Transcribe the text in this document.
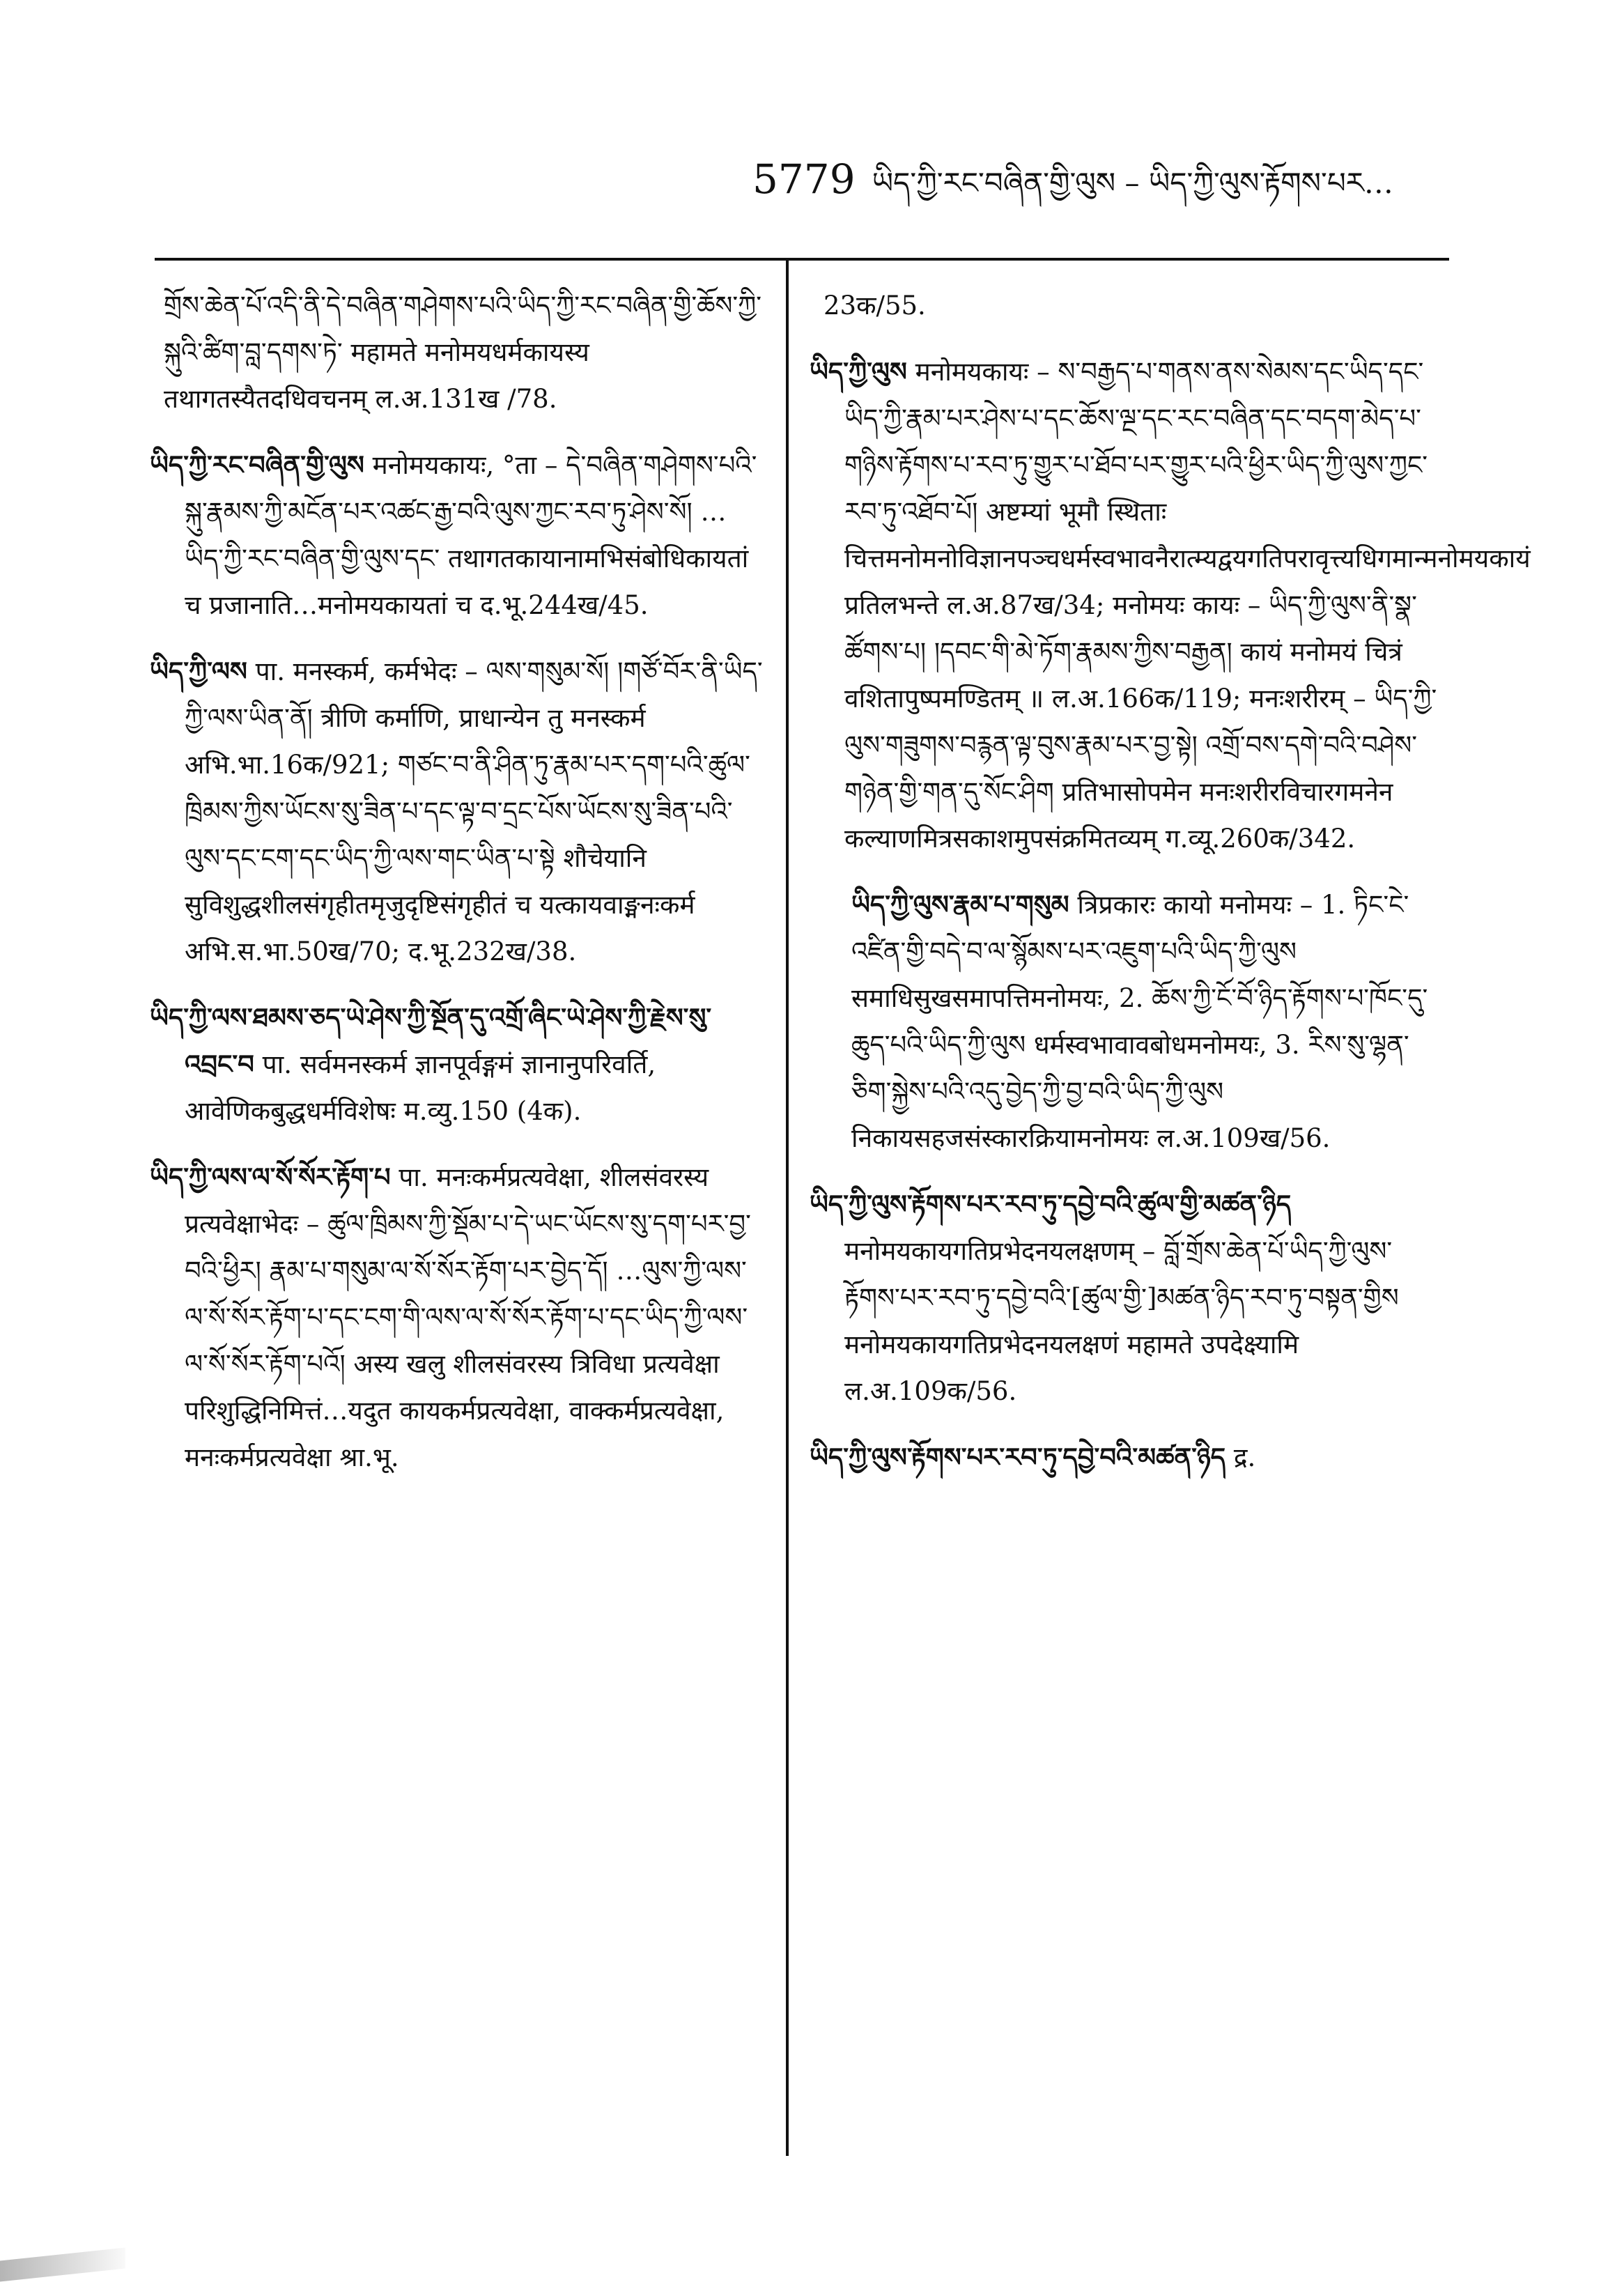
5779 ཡིད་ཀྱི་རང་བཞིན་གྱི་ལུས – ཡིད་ཀྱི་ལུས་རྟོགས་པར…

གྲོས་ཆེན་པོ་འདི་ནི་དེ་བཞིན་གཤེགས་པའི་ཡིད་ཀྱི་རང་བཞིན་གྱི་ཆོས་ཀྱི་སྐུའི་ཚིག་བླ་དགས་ཏེ་ महामते मनोमयधर्मकायस्य तथागतस्यैतदधिवचनम् ल.अ.131ख /78.

ཡིད་ཀྱི་རང་བཞིན་གྱི་ལུས मनोमयकायः, °ता – དེ་བཞིན་གཤེགས་པའི་སྐུ་རྣམས་ཀྱི་མངོན་པར་འཚང་རྒྱ་བའི་ལུས་ཀྱང་རབ་ཏུ་ཤེས་སོ། …ཡིད་ཀྱི་རང་བཞིན་གྱི་ལུས་དང་ तथागतकायानामभिसंबोधिकायतां च प्रजानाति…मनोमयकायतां च द.भू.244ख/45.

ཡིད་ཀྱི་ལས पा. मनस्कर्म, कर्मभेदः – ལས་གསུམ་སོ། །གཙོ་བོར་ནི་ཡིད་ཀྱི་ལས་ཡིན་ནོ། त्रीणि कर्माणि, प्राधान्येन तु मनस्कर्म अभि.भा.16क/921; གཙང་བ་ནི་ཤིན་ཏུ་རྣམ་པར་དག་པའི་ཚུལ་ཁྲིམས་ཀྱིས་ཡོངས་སུ་ཟིན་པ་དང་ལྟ་བ་དྲང་པོས་ཡོངས་སུ་ཟིན་པའི་ལུས་དང་ངག་དང་ཡིད་ཀྱི་ལས་གང་ཡིན་པ་སྟེ शौचेयानि सुविशुद्धशीलसंगृहीतमृजुदृष्टिसंगृहीतं च यत्कायवाङ्मनःकर्म अभि.स.भा.50ख/70; द.भू.232ख/38.

ཡིད་ཀྱི་ལས་ཐམས་ཅད་ཡེ་ཤེས་ཀྱི་སྔོན་དུ་འགྲོ་ཞིང་ཡེ་ཤེས་ཀྱི་རྗེས་སུ་འབྲང་བ पा. सर्वमनस्कर्म ज्ञानपूर्वङ्गमं ज्ञानानुपरिवर्ति, आवेणिकबुद्धधर्मविशेषः म.व्यु.150 (4क).

ཡིད་ཀྱི་ལས་ལ་སོ་སོར་རྟོག་པ पा. मनःकर्मप्रत्यवेक्षा, शीलसंवरस्य प्रत्यवेक्षाभेदः – ཚུལ་ཁྲིམས་ཀྱི་སྡོམ་པ་དེ་ཡང་ཡོངས་སུ་དག་པར་བྱ་བའི་ཕྱིར། རྣམ་པ་གསུམ་ལ་སོ་སོར་རྟོག་པར་བྱེད་དོ། …ལུས་ཀྱི་ལས་ལ་སོ་སོར་རྟོག་པ་དང་ངག་གི་ལས་ལ་སོ་སོར་རྟོག་པ་དང་ཡིད་ཀྱི་ལས་ལ་སོ་སོར་རྟོག་པའོ། अस्य खलु शीलसंवरस्य त्रिविधा प्रत्यवेक्षा परिशुद्धिनिमित्तं…यदुत कायकर्मप्रत्यवेक्षा, वाक्कर्मप्रत्यवेक्षा, मनःकर्मप्रत्यवेक्षा श्रा.भू.

23क/55.

ཡིད་ཀྱི་ལུས मनोमयकायः – ས་བརྒྱད་པ་གནས་ནས་སེམས་དང་ཡིད་དང་ཡིད་ཀྱི་རྣམ་པར་ཤེས་པ་དང་ཆོས་ལྔ་དང་རང་བཞིན་དང་བདག་མེད་པ་གཉིས་རྟོགས་པ་རབ་ཏུ་གྱུར་པ་ཐོབ་པར་གྱུར་པའི་ཕྱིར་ཡིད་ཀྱི་ལུས་ཀྱང་རབ་ཏུ་འཐོབ་པོ། अष्टम्यां भूमौ स्थिताः चित्तमनोमनोविज्ञानपञ्चधर्मस्वभावनैरात्म्यद्वयगतिपरावृत्त्यधिगमान्मनोमयकायं प्रतिलभन्ते ल.अ.87ख/34; मनोमयः कायः – ཡིད་ཀྱི་ལུས་ནི་སྣ་ཚོགས་པ། །དབང་གི་མེ་ཏོག་རྣམས་ཀྱིས་བརྒྱན། कायं मनोमयं चित्रं वशितापुष्पमण्डितम् ॥ ल.अ.166क/119; मनःशरीरम् – ཡིད་ཀྱི་ལུས་གཟུགས་བརྙན་ལྟ་བུས་རྣམ་པར་བྱ་སྟེ། འགྲོ་བས་དགེ་བའི་བཤེས་གཉེན་གྱི་གན་དུ་སོང་ཤིག प्रतिभासोपमेन मनःशरीरविचारगमनेन कल्याणमित्रसकाशमुपसंक्रमितव्यम् ग.व्यू.260क/342.

ཡིད་ཀྱི་ལུས་རྣམ་པ་གསུམ त्रिप्रकारः कायो मनोमयः – 1. ཏིང་ངེ་འཛིན་གྱི་བདེ་བ་ལ་སྙོམས་པར་འཇུག་པའི་ཡིད་ཀྱི་ལུས समाधिसुखसमापत्तिमनोमयः, 2. ཆོས་ཀྱི་ངོ་བོ་ཉིད་རྟོགས་པ་ཁོང་དུ་ཆུད་པའི་ཡིད་ཀྱི་ལུས धर्मस्वभावावबोधमनोमयः, 3. རིས་སུ་ལྷན་ཅིག་སྐྱེས་པའི་འདུ་བྱེད་ཀྱི་བྱ་བའི་ཡིད་ཀྱི་ལུས निकायसहजसंस्कारक्रियामनोमयः ल.अ.109ख/56.

ཡིད་ཀྱི་ལུས་རྟོགས་པར་རབ་ཏུ་དབྱེ་བའི་ཚུལ་གྱི་མཚན་ཉིད मनोमयकायगतिप्रभेदनयलक्षणम् – བློ་གྲོས་ཆེན་པོ་ཡིད་ཀྱི་ལུས་རྟོགས་པར་རབ་ཏུ་དབྱེ་བའི་[ཚུལ་གྱི་]མཚན་ཉིད་རབ་ཏུ་བསྟན་གྱིས मनोमयकायगतिप्रभेदनयलक्षणं महामते उपदेक्ष्यामि ल.अ.109क/56.

ཡིད་ཀྱི་ལུས་རྟོགས་པར་རབ་ཏུ་དབྱེ་བའི་མཚན་ཉིད द्र.
